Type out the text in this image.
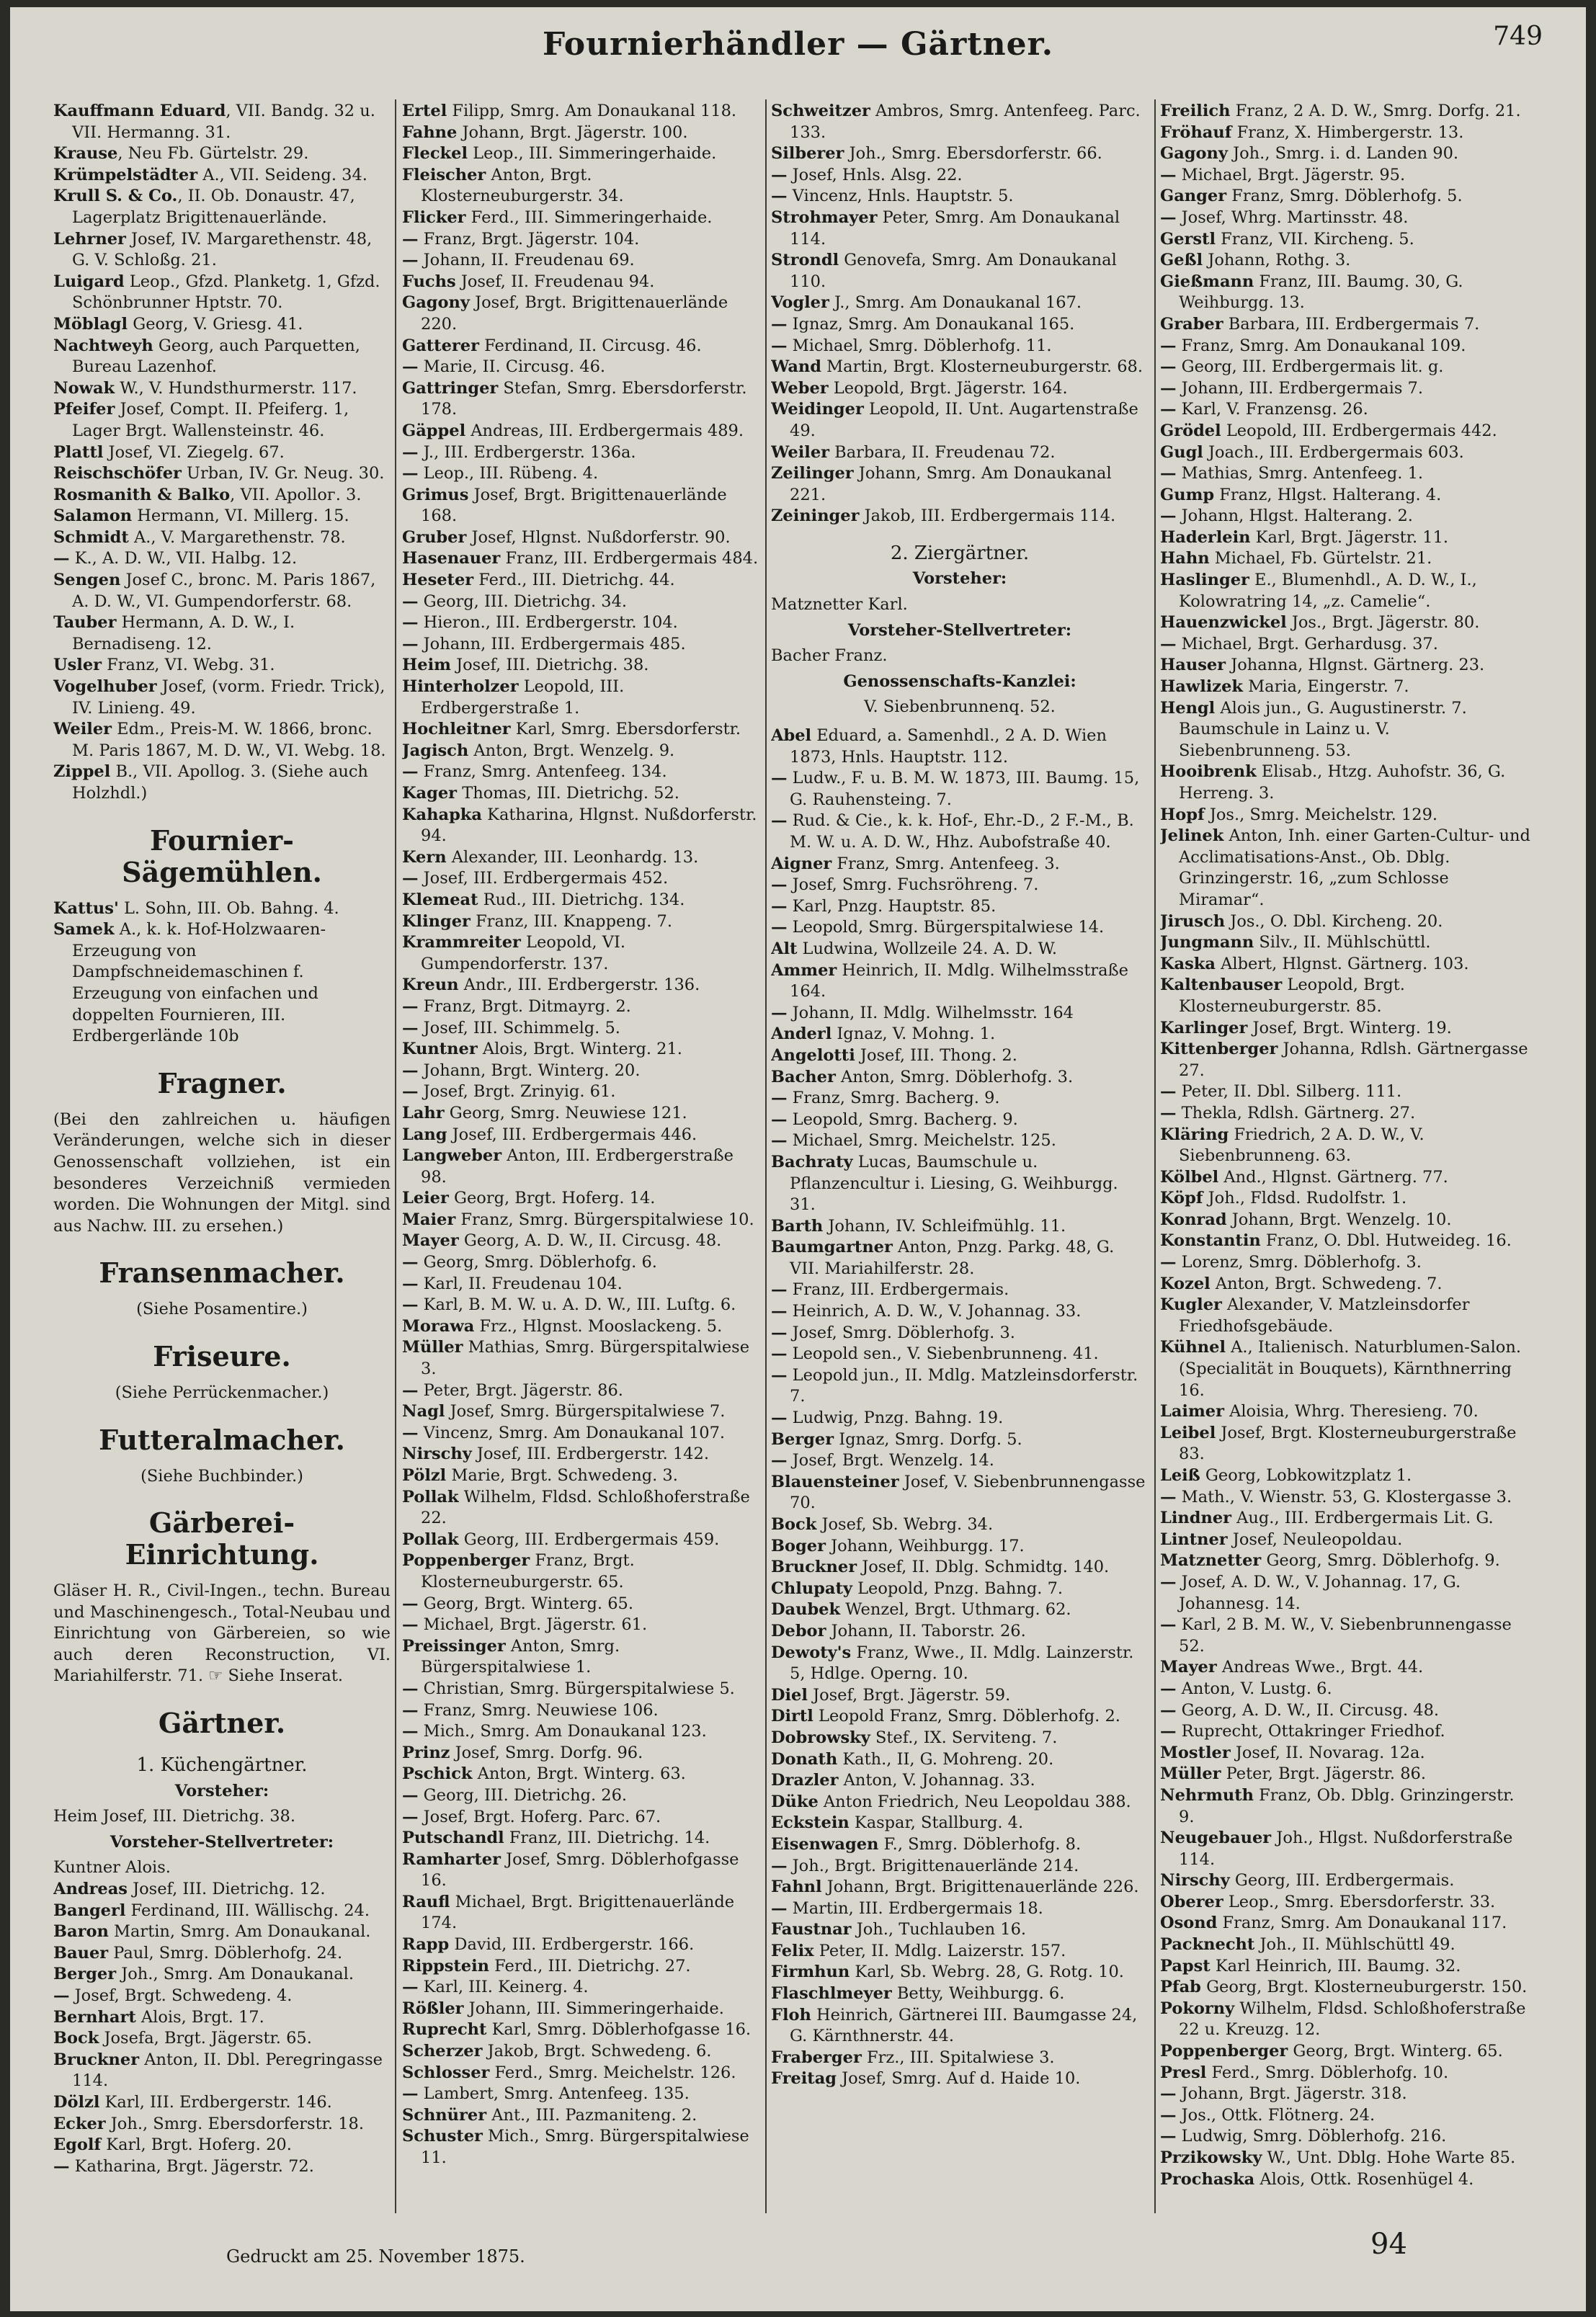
Fournierhändler — Gärtner.	749

Kauffmann Eduard, VII. Bandg. 32 u. VII. Hermanng. 31.

Krause, Neu Fb. Gürtelstr. 29.

Krümpelstädter A., VII. Seideng. 34.

Krull S. & Co., II. Ob. Donaustr. 47, Lagerplatz Brigittenauerlände.

Lehrner Josef, IV. Margarethenstr. 48, G. V. Schloßg. 21.

Luigard Leop., Gfzd. Planketg. 1, Gfzd. Schönbrunner Hptstr. 70.

Möblagl Georg, V. Griesg. 41.

Nachtweyh Georg, auch Parquetten, Bureau Lazenhof.

Nowak W., V. Hundsthurmerstr. 117.

Pfeifer Josef, Compt. II. Pfeiferg. 1, Lager Brgt. Wallensteinstr. 46.

Plattl Josef, VI. Ziegelg. 67.

Reischschöfer Urban, IV. Gr. Neug. 30.

Rosmanith & Balko, VII. Apolloг. 3.

Salamon Hermann, VI. Millerg. 15.

Schmidt A., V. Margarethenstr. 78.

— K., A. D. W., VII. Halbg. 12.

Sengen Josef C., bronc. M. Paris 1867, A. D. W., VI. Gumpendorferstr. 68.

Tauber Hermann, A. D. W., I. Bernadiseng. 12.

Usler Franz, VI. Webg. 31.

Vogelhuber Josef, (vorm. Friedr. Trick), IV. Linieng. 49.

Weiler Edm., Preis-M. W. 1866, bronc. M. Paris 1867, M. D. W., VI. Webg. 18.

Zippel B., VII. Apollog. 3. (Siehe auch Holzhdl.)

Fournier-Sägemühlen.

Kattus' L. Sohn, III. Ob. Bahng. 4.

Samek A., k. k. Hof-Holzwaaren-Erzeugung von Dampfschneidemaschinen f. Erzeugung von einfachen und doppelten Fournieren, III. Erdbergerlände 10b

Fragner.

(Bei den zahlreichen u. häufigen Veränderungen, welche sich in dieser Genossenschaft vollziehen, ist ein besonderes Verzeichniß vermieden worden. Die Wohnungen der Mitgl. sind aus Nachw. III. zu ersehen.)

Fransenmacher.
(Siehe Posamentire.)
Friseure.
(Siehe Perrückenmacher.)
Futteralmacher.
(Siehe Buchbinder.)
Gärberei-Einrichtung.

Gläser H. R., Civil-Ingen., techn. Bureau und Maschinengesch., Total-Neubau und Einrichtung von Gärbereien, so wie auch deren Reconstruction, VI. Mariahilferstr. 71. ☞ Siehe Inserat.

Gärtner.
1. Küchengärtner.
Vorsteher:

Heim Josef, III. Dietrichg. 38.

Vorsteher-Stellvertreter:

Kuntner Alois.

Andreas Josef, III. Dietrichg. 12.

Bangerl Ferdinand, III. Wällischg. 24.

Baron Martin, Smrg. Am Donaukanal.

Bauer Paul, Smrg. Döblerhofg. 24.

Berger Joh., Smrg. Am Donaukanal.

— Josef, Brgt. Schwedeng. 4.

Bernhart Alois, Brgt. 17.

Bock Josefa, Brgt. Jägerstr. 65.

Bruckner Anton, II. Dbl. Peregringasse 114.

Dölzl Karl, III. Erdbergerstr. 146.

Ecker Joh., Smrg. Ebersdorferstr. 18.

Egolf Karl, Brgt. Hoferg. 20.

— Katharina, Brgt. Jägerstr. 72.

Ertel Filipp, Smrg. Am Donaukanal 118.

Fahne Johann, Brgt. Jägerstr. 100.

Fleckel Leop., III. Simmeringerhaide.

Fleischer Anton, Brgt. Klosterneuburgerstr. 34.

Flicker Ferd., III. Simmeringerhaide.

— Franz, Brgt. Jägerstr. 104.

— Johann, II. Freudenau 69.

Fuchs Josef, II. Freudenau 94.

Gagony Josef, Brgt. Brigittenauerlände 220.

Gatterer Ferdinand, II. Circusg. 46.

— Marie, II. Circusg. 46.

Gattringer Stefan, Smrg. Ebersdorferstr. 178.

Gäppel Andreas, III. Erdbergermais 489.

— J., III. Erdbergerstr. 136a.

— Leop., III. Rübeng. 4.

Grimus Josef, Brgt. Brigittenauerlände 168.

Gruber Josef, Hlgnst. Nußdorferstr. 90.

Hasenauer Franz, III. Erdbergermais 484.

Heseter Ferd., III. Dietrichg. 44.

— Georg, III. Dietrichg. 34.

— Hieron., III. Erdbergerstr. 104.

— Johann, III. Erdbergermais 485.

Heim Josef, III. Dietrichg. 38.

Hinterholzer Leopold, III. Erdbergerstraße 1.

Hochleitner Karl, Smrg. Ebersdorferstr.

Jagisch Anton, Brgt. Wenzelg. 9.

— Franz, Smrg. Antenfeeg. 134.

Kager Thomas, III. Dietrichg. 52.

Kahapka Katharina, Hlgnst. Nußdorferstr. 94.

Kern Alexander, III. Leonhardg. 13.

— Josef, III. Erdbergermais 452.

Klemeat Rud., III. Dietrichg. 134.

Klinger Franz, III. Knappeng. 7.

Krammreiter Leopold, VI. Gumpendorferstr. 137.

Kreun Andr., III. Erdbergerstr. 136.

— Franz, Brgt. Ditmayrg. 2.

— Josef, III. Schimmelg. 5.

Kuntner Alois, Brgt. Winterg. 21.

— Johann, Brgt. Winterg. 20.

— Josef, Brgt. Zrinyig. 61.

Lahr Georg, Smrg. Neuwiese 121.

Lang Josef, III. Erdbergermais 446.

Langweber Anton, III. Erdbergerstraße 98.

Leier Georg, Brgt. Hoferg. 14.

Maier Franz, Smrg. Bürgerspitalwiese 10.

Mayer Georg, A. D. W., II. Circusg. 48.

— Georg, Smrg. Döblerhofg. 6.

— Karl, II. Freudenau 104.

— Karl, B. M. W. u. A. D. W., III. Luſtg. 6.

Morawa Frz., Hlgnst. Mooslackeng. 5.

Müller Mathias, Smrg. Bürgerspitalwiese 3.

— Peter, Brgt. Jägerstr. 86.

Nagl Josef, Smrg. Bürgerspitalwiese 7.

— Vincenz, Smrg. Am Donaukanal 107.

Nirschy Josef, III. Erdbergerstr. 142.

Pölzl Marie, Brgt. Schwedeng. 3.

Pollak Wilhelm, Fldsd. Schloßhoferstraße 22.

Pollak Georg, III. Erdbergermais 459.

Poppenberger Franz, Brgt. Klosterneuburgerstr. 65.

— Georg, Brgt. Winterg. 65.

— Michael, Brgt. Jägerstr. 61.

Preissinger Anton, Smrg. Bürgerspitalwiese 1.

— Christian, Smrg. Bürgerspitalwiese 5.

— Franz, Smrg. Neuwiese 106.

— Mich., Smrg. Am Donaukanal 123.

Prinz Josef, Smrg. Dorfg. 96.

Pschick Anton, Brgt. Winterg. 63.

— Georg, III. Dietrichg. 26.

— Josef, Brgt. Hoferg. Parc. 67.

Putschandl Franz, III. Dietrichg. 14.

Ramharter Josef, Smrg. Döblerhofgasse 16.

Raufl Michael, Brgt. Brigittenauerlände 174.

Rapp David, III. Erdbergerstr. 166.

Rippstein Ferd., III. Dietrichg. 27.

— Karl, III. Keinerg. 4.

Rößler Johann, III. Simmeringerhaide.

Ruprecht Karl, Smrg. Döblerhofgasse 16.

Scherzer Jakob, Brgt. Schwedeng. 6.

Schlosser Ferd., Smrg. Meichelstr. 126.

— Lambert, Smrg. Antenfeeg. 135.

Schnürer Ant., III. Pazmaniteng. 2.

Schuster Mich., Smrg. Bürgerspitalwiese 11.

Schweitzer Ambros, Smrg. Antenfeeg. Parc. 133.

Silberer Joh., Smrg. Ebersdorferstr. 66.

— Josef, Hnls. Alsg. 22.

— Vincenz, Hnls. Hauptstr. 5.

Strohmayer Peter, Smrg. Am Donaukanal 114.

Strondl Genovefa, Smrg. Am Donaukanal 110.

Vogler J., Smrg. Am Donaukanal 167.

— Ignaz, Smrg. Am Donaukanal 165.

— Michael, Smrg. Döblerhofg. 11.

Wand Martin, Brgt. Klosterneuburgerstr. 68.

Weber Leopold, Brgt. Jägerstr. 164.

Weidinger Leopold, II. Unt. Augartenstraße 49.

Weiler Barbara, II. Freudenau 72.

Zeilinger Johann, Smrg. Am Donaukanal 221.

Zeininger Jakob, III. Erdbergermais 114.

2. Ziergärtner.
Vorsteher:

Matznetter Karl.

Vorsteher-Stellvertreter:

Bacher Franz.

Genossenschafts-Kanzlei:
V. Siebenbrunnenq. 52.

Abel Eduard, a. Samenhdl., 2 A. D. Wien 1873, Hnls. Hauptstr. 112.

— Ludw., F. u. B. M. W. 1873, III. Baumg. 15, G. Rauhensteing. 7.

— Rud. & Cie., k. k. Hof-, Ehr.-D., 2 F.-M., B. M. W. u. A. D. W., Hhz. Aubofstraße 40.

Aigner Franz, Smrg. Antenfeeg. 3.

— Josef, Smrg. Fuchsröhreng. 7.

— Karl, Pnzg. Hauptstr. 85.

— Leopold, Smrg. Bürgerspitalwiese 14.

Alt Ludwina, Wollzeile 24. A. D. W.

Ammer Heinrich, II. Mdlg. Wilhelmsstraße 164.

— Johann, II. Mdlg. Wilhelmsstr. 164

Anderl Ignaz, V. Mohng. 1.

Angelotti Josef, III. Thong. 2.

Bacher Anton, Smrg. Döblerhofg. 3.

— Franz, Smrg. Bacherg. 9.

— Leopold, Smrg. Bacherg. 9.

— Michael, Smrg. Meichelstr. 125.

Bachraty Lucas, Baumschule u. Pflanzencultur i. Liesing, G. Weihburgg. 31.

Barth Johann, IV. Schleifmühlg. 11.

Baumgartner Anton, Pnzg. Parkg. 48, G. VII. Mariahilferstr. 28.

— Franz, III. Erdbergermais.

— Heinrich, A. D. W., V. Johannag. 33.

— Josef, Smrg. Döblerhofg. 3.

— Leopold sen., V. Siebenbrunneng. 41.

— Leopold jun., II. Mdlg. Matzleinsdorferstr. 7.

— Ludwig, Pnzg. Bahng. 19.

Berger Ignaz, Smrg. Dorfg. 5.

— Josef, Brgt. Wenzelg. 14.

Blauensteiner Josef, V. Siebenbrunnengasse 70.

Bock Josef, Sb. Webrg. 34.

Boger Johann, Weihburgg. 17.

Bruckner Josef, II. Dblg. Schmidtg. 140.

Chlupaty Leopold, Pnzg. Bahng. 7.

Daubek Wenzel, Brgt. Uthmarg. 62.

Debor Johann, II. Taborstr. 26.

Dewoty's Franz, Wwe., II. Mdlg. Lainzerstr. 5, Hdlge. Operng. 10.

Diel Josef, Brgt. Jägerstr. 59.

Dirtl Leopold Franz, Smrg. Döblerhofg. 2.

Dobrowsky Stef., IX. Serviteng. 7.

Donath Kath., II, G. Mohreng. 20.

Drazler Anton, V. Johannag. 33.

Düke Anton Friedrich, Neu Leopoldau 388.

Eckstein Kaspar, Stallburg. 4.

Eisenwagen F., Smrg. Döblerhofg. 8.

— Joh., Brgt. Brigittenauerlände 214.

Fahnl Johann, Brgt. Brigittenauerlände 226.

— Martin, III. Erdbergermais 18.

Faustnar Joh., Tuchlauben 16.

Felix Peter, II. Mdlg. Laizerstr. 157.

Firmhun Karl, Sb. Webrg. 28, G. Rotg. 10.

Flaschlmeyer Betty, Weihburgg. 6.

Floh Heinrich, Gärtnerei III. Baumgasse 24, G. Kärnthnerstr. 44.

Fraberger Frz., III. Spitalwiese 3.

Freitag Josef, Smrg. Auf d. Haide 10.

Freilich Franz, 2 A. D. W., Smrg. Dorfg. 21.

Fröhauf Franz, X. Himbergerstr. 13.

Gagony Joh., Smrg. i. d. Landen 90.

— Michael, Brgt. Jägerstr. 95.

Ganger Franz, Smrg. Döblerhofg. 5.

— Josef, Whrg. Martinsstr. 48.

Gerstl Franz, VII. Kircheng. 5.

Geßl Johann, Rothg. 3.

Gießmann Franz, III. Baumg. 30, G. Weihburgg. 13.

Graber Barbara, III. Erdbergermais 7.

— Franz, Smrg. Am Donaukanal 109.

— Georg, III. Erdbergermais lit. g.

— Johann, III. Erdbergermais 7.

— Karl, V. Franzensg. 26.

Grödel Leopold, III. Erdbergermais 442.

Gugl Joach., III. Erdbergermais 603.

— Mathias, Smrg. Antenfeeg. 1.

Gump Franz, Hlgst. Halterang. 4.

— Johann, Hlgst. Halterang. 2.

Haderlein Karl, Brgt. Jägerstr. 11.

Hahn Michael, Fb. Gürtelstr. 21.

Haslinger E., Blumenhdl., A. D. W., I., Kolowratring 14, „z. Camelie“.

Hauenzwickel Jos., Brgt. Jägerstr. 80.

— Michael, Brgt. Gerhardusg. 37.

Hauser Johanna, Hlgnst. Gärtnerg. 23.

Hawlizek Maria, Eingerstr. 7.

Hengl Alois jun., G. Augustinerstr. 7. Baumschule in Lainz u. V. Siebenbrunneng. 53.

Hooibrenk Elisab., Htzg. Auhofstr. 36, G. Herreng. 3.

Hopf Jos., Smrg. Meichelstr. 129.

Jelinek Anton, Inh. einer Garten-Cultur- und Acclimatisations-Anst., Ob. Dblg. Grinzingerstr. 16, „zum Schlosse Miramar“.

Jirusch Jos., O. Dbl. Kircheng. 20.

Jungmann Silv., II. Mühlschüttl.

Kaska Albert, Hlgnst. Gärtnerg. 103.

Kaltenbauser Leopold, Brgt. Klosterneuburgerstr. 85.

Karlinger Josef, Brgt. Winterg. 19.

Kittenberger Johanna, Rdlsh. Gärtnergasse 27.

— Peter, II. Dbl. Silberg. 111.

— Thekla, Rdlsh. Gärtnerg. 27.

Kläring Friedrich, 2 A. D. W., V. Siebenbrunneng. 63.

Kölbel And., Hlgnst. Gärtnerg. 77.

Köpf Joh., Fldsd. Rudolfstr. 1.

Konrad Johann, Brgt. Wenzelg. 10.

Konstantin Franz, O. Dbl. Hutweideg. 16.

— Lorenz, Smrg. Döblerhofg. 3.

Kozel Anton, Brgt. Schwedeng. 7.

Kugler Alexander, V. Matzleinsdorfer Friedhofsgebäude.

Kühnel A., Italienisch. Naturblumen-Salon. (Specialität in Bouquets), Kärnthnerring 16.

Laimer Aloisia, Whrg. Theresieng. 70.

Leibel Josef, Brgt. Klosterneuburgerstraße 83.

Leiß Georg, Lobkowitzplatz 1.

— Math., V. Wienstr. 53, G. Klostergasse 3.

Lindner Aug., III. Erdbergermais Lit. G.

Lintner Josef, Neuleopoldau.

Matznetter Georg, Smrg. Döblerhofg. 9.

— Josef, A. D. W., V. Johannag. 17, G. Johannesg. 14.

— Karl, 2 B. M. W., V. Siebenbrunnengasse 52.

Mayer Andreas Wwe., Brgt. 44.

— Anton, V. Lustg. 6.

— Georg, A. D. W., II. Circusg. 48.

— Ruprecht, Ottakringer Friedhof.

Mostler Josef, II. Novarag. 12a.

Müller Peter, Brgt. Jägerstr. 86.

Nehrmuth Franz, Ob. Dblg. Grinzingerstr. 9.

Neugebauer Joh., Hlgst. Nußdorferstraße 114.

Nirschy Georg, III. Erdbergermais.

Oberer Leop., Smrg. Ebersdorferstr. 33.

Osond Franz, Smrg. Am Donaukanal 117.

Packnecht Joh., II. Mühlschüttl 49.

Papst Karl Heinrich, III. Baumg. 32.

Pfab Georg, Brgt. Klosterneuburgerstr. 150.

Pokorny Wilhelm, Fldsd. Schloßhoferstraße 22 u. Kreuzg. 12.

Poppenberger Georg, Brgt. Winterg. 65.

Presl Ferd., Smrg. Döblerhofg. 10.

— Johann, Brgt. Jägerstr. 318.

— Jos., Ottk. Flötnerg. 24.

— Ludwig, Smrg. Döblerhofg. 216.

Przikowsky W., Unt. Dblg. Hohe Warte 85.

Prochaska Alois, Ottk. Rosenhügel 4.

Gedruckt am 25. November 1875.	94
